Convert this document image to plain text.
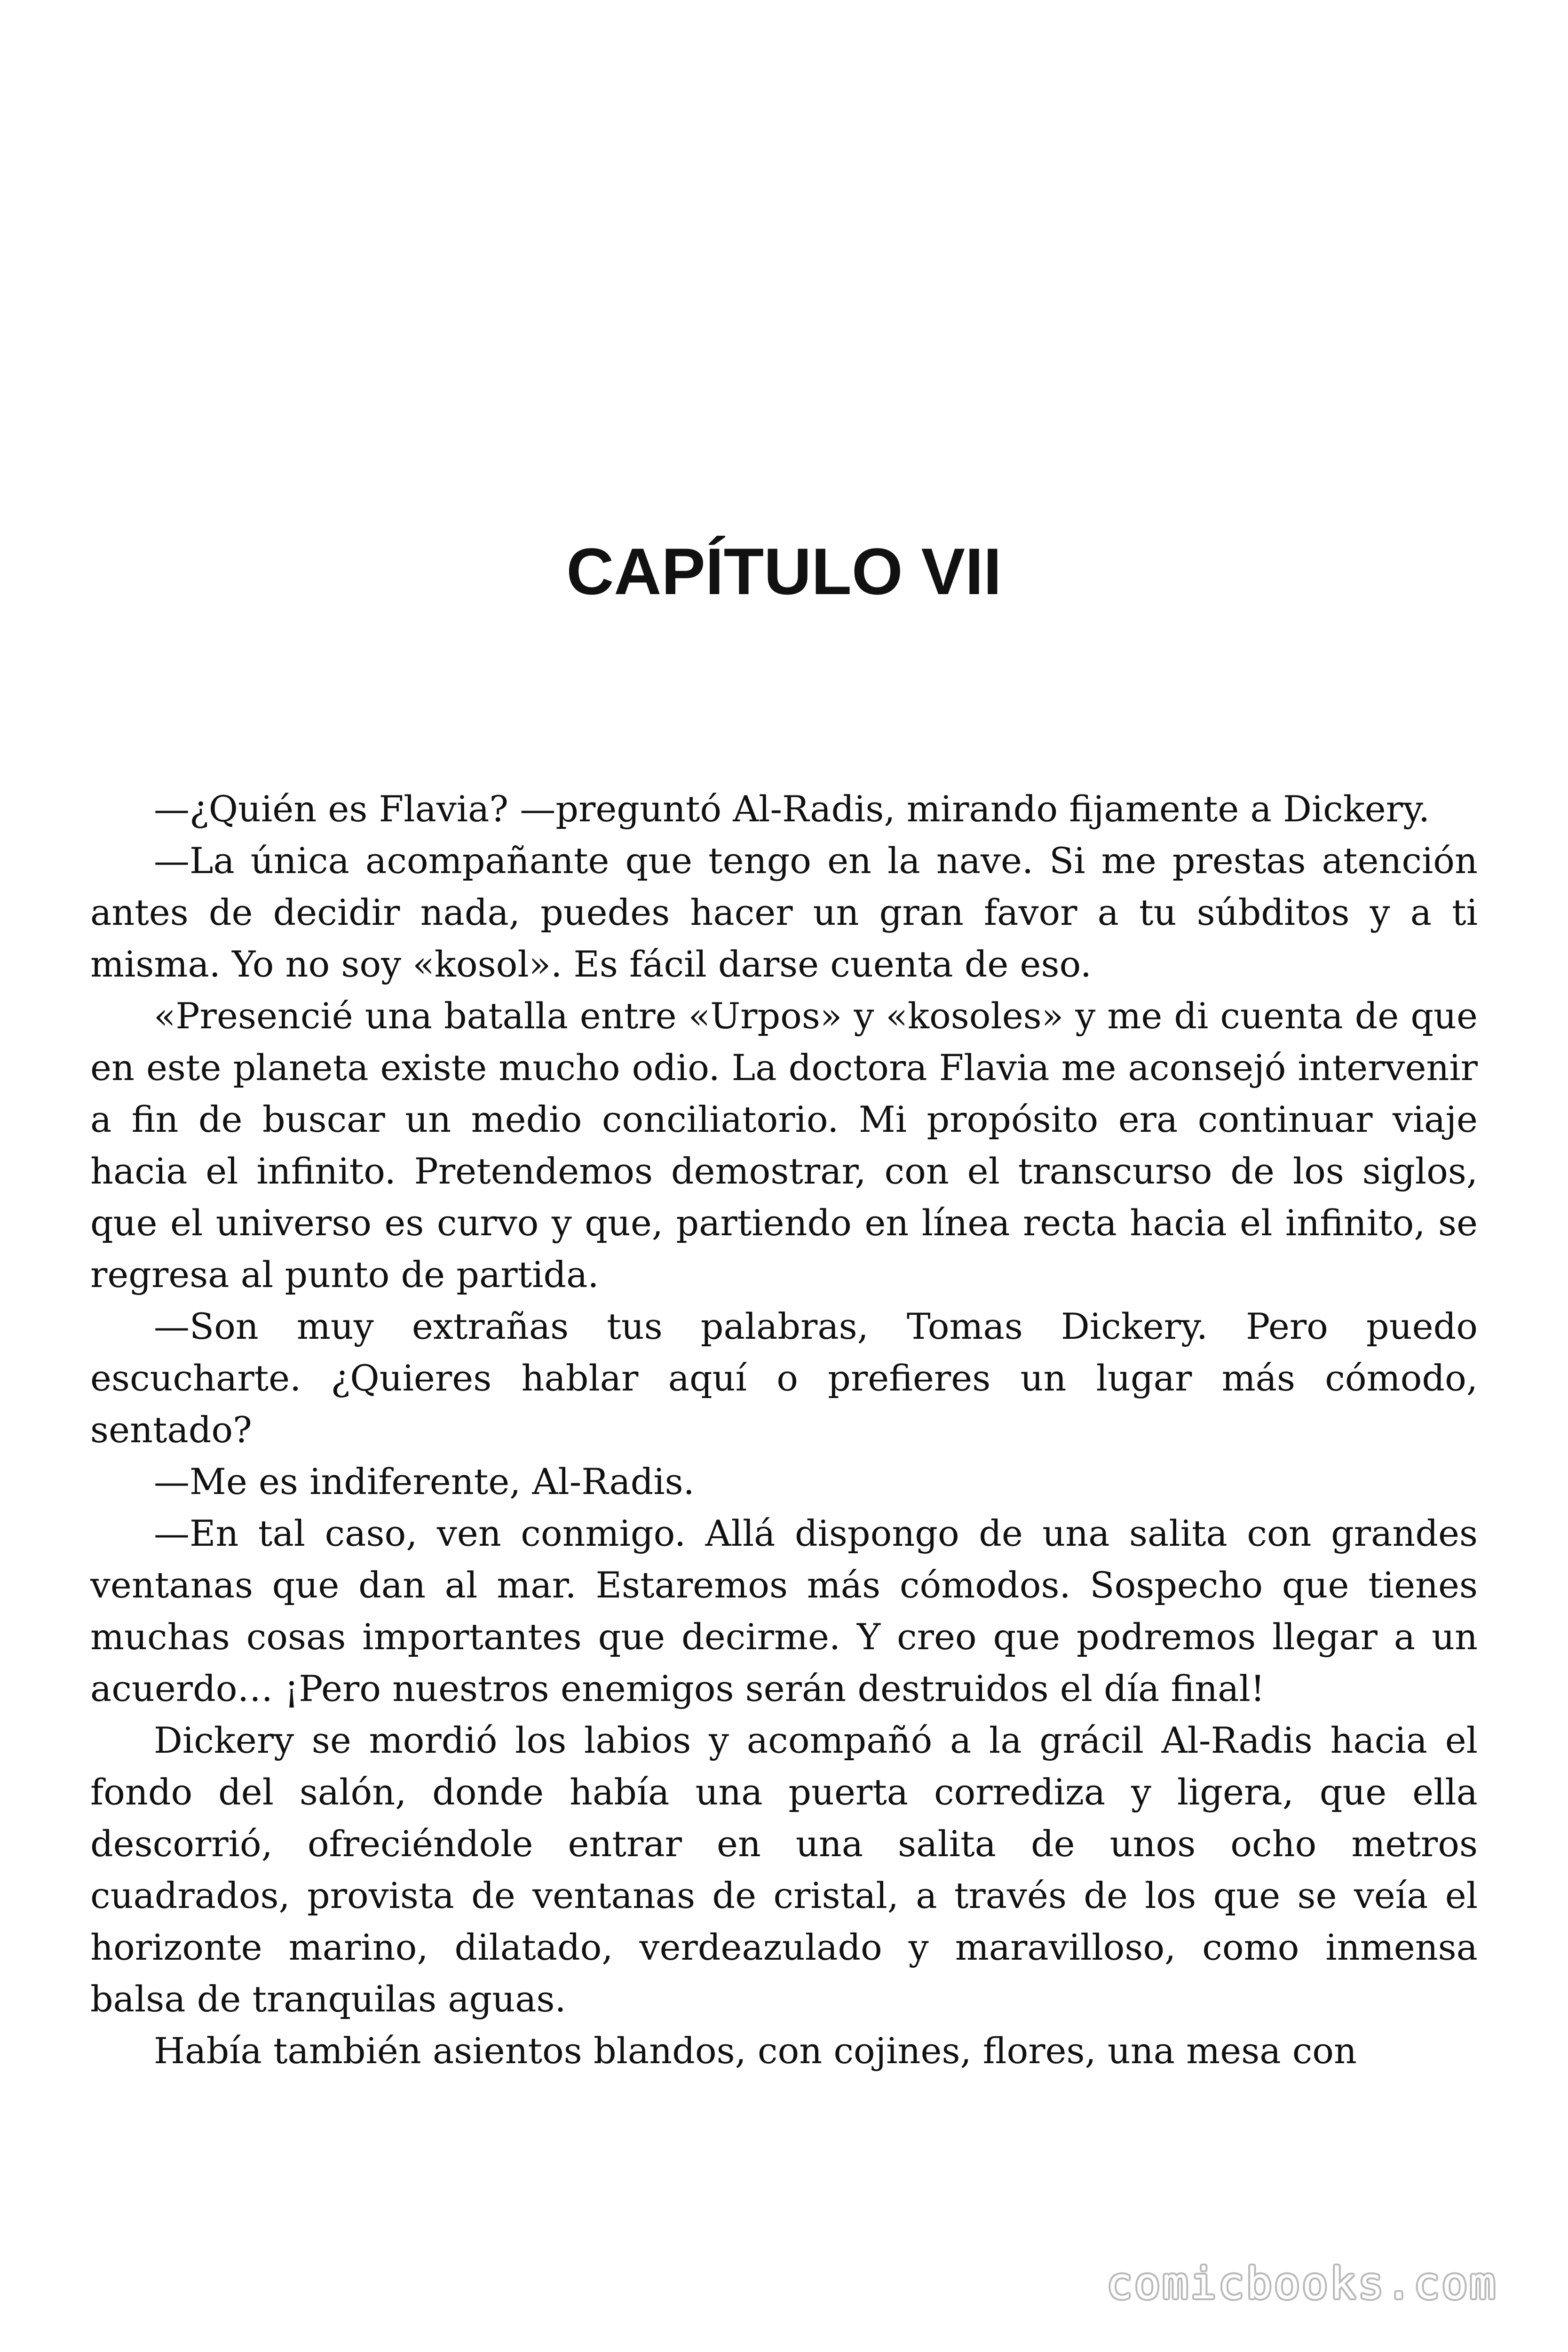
CAPÍTULO VII

—¿Quién es Flavia? —preguntó Al-Radis, mirando fijamente a Dickery.

—La única acompañante que tengo en la nave. Si me prestas atención antes de decidir nada, puedes hacer un gran favor a tu súbditos y a ti misma. Yo no soy «kosol». Es fácil darse cuenta de eso.

«Presencié una batalla entre «Urpos» y «kosoles» y me di cuenta de que en este planeta existe mucho odio. La doctora Flavia me aconsejó intervenir a fin de buscar un medio conciliatorio. Mi propósito era continuar viaje hacia el infinito. Pretendemos demostrar, con el transcurso de los siglos, que el universo es curvo y que, partiendo en línea recta hacia el infinito, se regresa al punto de partida.

—Son muy extrañas tus palabras, Tomas Dickery. Pero puedo escucharte. ¿Quieres hablar aquí o prefieres un lugar más cómodo, sentado?

—Me es indiferente, Al-Radis.

—En tal caso, ven conmigo. Allá dispongo de una salita con grandes ventanas que dan al mar. Estaremos más cómodos. Sospecho que tienes muchas cosas importantes que decirme. Y creo que podremos llegar a un acuerdo… ¡Pero nuestros enemigos serán destruidos el día final!

Dickery se mordió los labios y acompañó a la grácil Al-Radis hacia el fondo del salón, donde había una puerta corrediza y ligera, que ella descorrió, ofreciéndole entrar en una salita de unos ocho metros cuadrados, provista de ventanas de cristal, a través de los que se veía el horizonte marino, dilatado, verdeazulado y maravilloso, como inmensa balsa de tranquilas aguas.

Había también asientos blandos, con cojines, flores, una mesa con

comicbooks.com
